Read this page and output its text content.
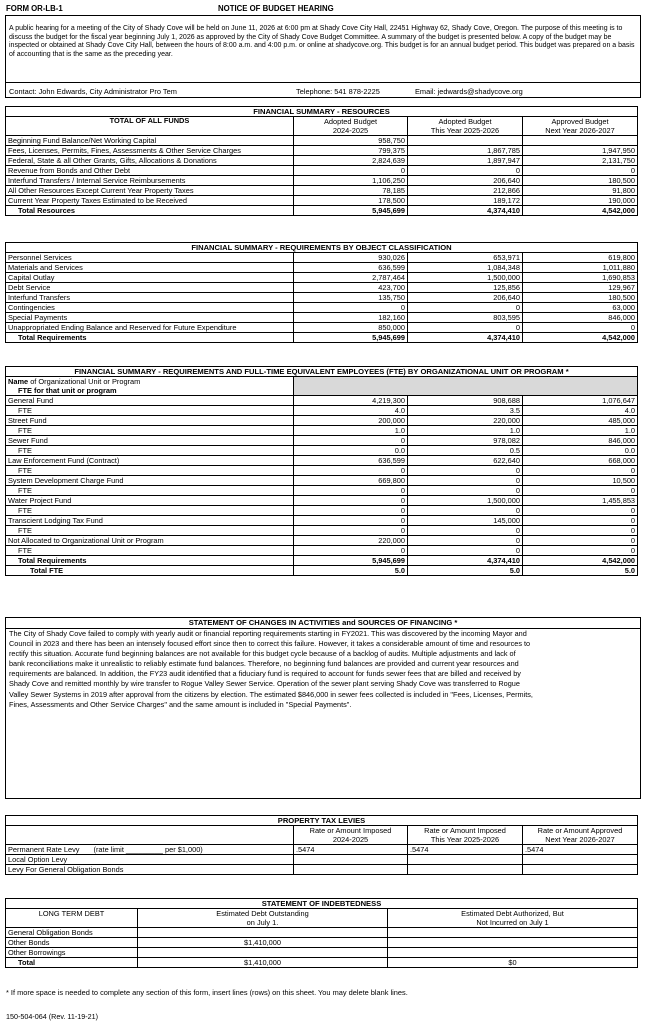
FORM OR-LB-1	NOTICE OF BUDGET HEARING
A public hearing for a meeting of the City of Shady Cove will be held on June 11, 2026 at 6:00 pm at Shady Cove City Hall, 22451 Highway 62, Shady Cove, Oregon. The purpose of this meeting is to discuss the budget for the fiscal year beginning July 1, 2026 as approved by the City of Shady Cove Budget Committee. A summary of the budget is presented below. A copy of the budget may be inspected or obtained at Shady Cove City Hall, between the hours of 8:00 a.m. and 4:00 p.m. or online at shadycove.org. This budget is for an annual budget period. This budget was prepared on a basis of accounting that is the same as the preceding year.
Contact: John Edwards, City Administrator Pro Tem	Telephone: 541 878-2225	Email: jedwards@shadycove.org
FINANCIAL SUMMARY - RESOURCES			
TOTAL OF ALL FUNDS	Adopted Budget	Adopted Budget	Approved Budget
	2024-2025	This Year 2025-2026	Next Year 2026-2027
Beginning Fund Balance/Net Working Capital	958,750		
Fees, Licenses, Permits, Fines, Assessments & Other Service Charges	799,375	1,867,785	1,947,950
Federal, State & all Other Grants, Gifts, Allocations & Donations	2,824,639	1,897,947	2,131,750
Revenue from Bonds and Other Debt	0	0	0
Interfund Transfers / Internal Service Reimbursements	1,106,250	206,640	180,500
All Other Resources Except Current Year Property Taxes	78,185	212,866	91,800
Current Year Property Taxes Estimated to be Received	178,500	189,172	190,000
Total Resources	5,945,699	4,374,410	4,542,000
FINANCIAL SUMMARY - REQUIREMENTS BY OBJECT CLASSIFICATION			
Personnel Services	930,026	653,971	619,800
Materials and Services	636,599	1,084,348	1,011,880
Capital Outlay	2,787,464	1,500,000	1,690,853
Debt Service	423,700	125,856	129,967
Interfund Transfers	135,750	206,640	180,500
Contingencies	0	0	63,000
Special Payments	182,160	803,595	846,000
Unappropriated Ending Balance and Reserved for Future Expenditure	850,000	0	0
Total Requirements	5,945,699	4,374,410	4,542,000
FINANCIAL SUMMARY - REQUIREMENTS AND FULL-TIME EQUIVALENT EMPLOYEES (FTE) BY ORGANIZATIONAL UNIT OR PROGRAM *			
Name of Organizational Unit or Program			
FTE for that unit or program			
General Fund	4,219,300	908,688	1,076,647
FTE	4.0	3.5	4.0
Street Fund	200,000	220,000	485,000
FTE	1.0	1.0	1.0
Sewer Fund	0	978,082	846,000
FTE	0.0	0.5	0.0
Law Enforcement Fund (Contract)	636,599	622,640	668,000
FTE	0	0	0
System Development Charge Fund	669,800	0	10,500
FTE	0	0	0
Water Project Fund	0	1,500,000	1,455,853
FTE	0	0	0
Transcient Lodging Tax Fund	0	145,000	0
FTE	0	0	0
Not Allocated to Organizational Unit or Program	220,000	0	0
FTE	0	0	0
Total Requirements	5,945,699	4,374,410	4,542,000
Total FTE	5.0	5.0	5.0
STATEMENT OF CHANGES IN ACTIVITIES and SOURCES OF FINANCING *
The City of Shady Cove failed to comply with yearly audit or financial reporting requirements starting in FY2021. This was discovered by the incoming Mayor and
Council in 2023 and there has been an intensely focused effort since then to correct this failure. However, it takes a considerable amount of time and resources to
rectify this situation. Accurate fund beginning balances are not available for this budget cycle because of a backlog of audits. Multiple adjustments and lack of
bank reconciliations make it unrealistic to reliably estimate fund balances. Therefore, no beginning fund balances are provided and current year resources and
requirements are balanced. In addition, the FY23 audit identified that a fiduciary fund is required to account for funds sewer fees that are billed and received by
Shady Cove and remitted monthly by wire transfer to Rogue Valley Sewer Service. Operation of the sewer plant serving Shady Cove was transferred to Rogue
Valley Sewer Systems in 2019 after approval from the citizens by election. The estimated $846,000 in sewer fees collected is included in "Fees, Licenses, Permits,
Fines, Assessments and Other Service Charges" and the same amount is included in "Special Payments".
PROPERTY TAX LEVIES			
	Rate or Amount Imposed	Rate or Amount Imposed	Rate or Amount Approved
	2024-2025	This Year 2025-2026	Next Year 2026-2027
Permanent Rate Levy (rate limit _________ per $1,000)	.5474	.5474	.5474
Local Option Levy			
Levy For General Obligation Bonds			
STATEMENT OF INDEBTEDNESS		
LONG TERM DEBT	Estimated Debt Outstanding	Estimated Debt Authorized, But
	on July 1.	Not Incurred on July 1
General Obligation Bonds		
Other Bonds	$1,410,000	
Other Borrowings		
Total	$1,410,000	$0
* If more space is needed to complete any section of this form, insert lines (rows) on this sheet. You may delete blank lines.
150-504-064 (Rev. 11-19-21)
